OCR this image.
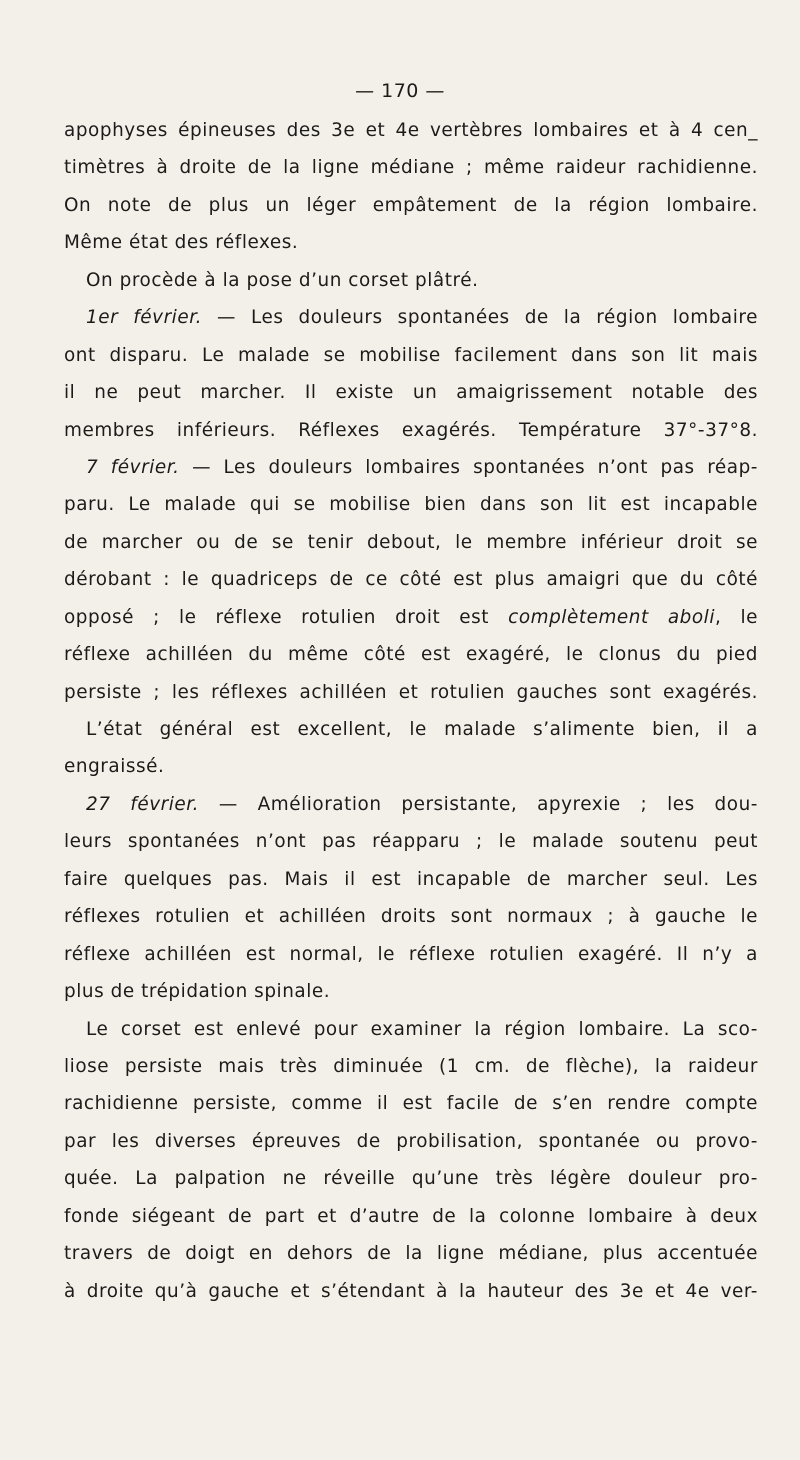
— 170 —
apophyses épineuses des 3e et 4e vertèbres lombaires et à 4 cen_
timètres à droite de la ligne médiane ; même raideur rachidienne.
On note de plus un léger empâtement de la région lombaire.
Même état des réflexes.
On procède à la pose d’un corset plâtré.
1er février. — Les douleurs spontanées de la région lombaire
ont disparu. Le malade se mobilise facilement dans son lit mais
il ne peut marcher. Il existe un amaigrissement notable des
membres inférieurs. Réflexes exagérés. Température 37°-37°8.
7 février. — Les douleurs lombaires spontanées n’ont pas réap-
paru. Le malade qui se mobilise bien dans son lit est incapable
de marcher ou de se tenir debout, le membre inférieur droit se
dérobant : le quadriceps de ce côté est plus amaigri que du côté
opposé ; le réflexe rotulien droit est complètement aboli, le
réflexe achilléen du même côté est exagéré, le clonus du pied
persiste ; les réflexes achilléen et rotulien gauches sont exagérés.
L’état général est excellent, le malade s’alimente bien, il a
engraissé.
27 février. — Amélioration persistante, apyrexie ; les dou-
leurs spontanées n’ont pas réapparu ; le malade soutenu peut
faire quelques pas. Mais il est incapable de marcher seul. Les
réflexes rotulien et achilléen droits sont normaux ; à gauche le
réflexe achilléen est normal, le réflexe rotulien exagéré. Il n’y a
plus de trépidation spinale.
Le corset est enlevé pour examiner la région lombaire. La sco-
liose persiste mais très diminuée (1 cm. de flèche), la raideur
rachidienne persiste, comme il est facile de s’en rendre compte
par les diverses épreuves de probilisation, spontanée ou provo-
quée. La palpation ne réveille qu’une très légère douleur pro-
fonde siégeant de part et d’autre de la colonne lombaire à deux
travers de doigt en dehors de la ligne médiane, plus accentuée
à droite qu’à gauche et s’étendant à la hauteur des 3e et 4e ver-
